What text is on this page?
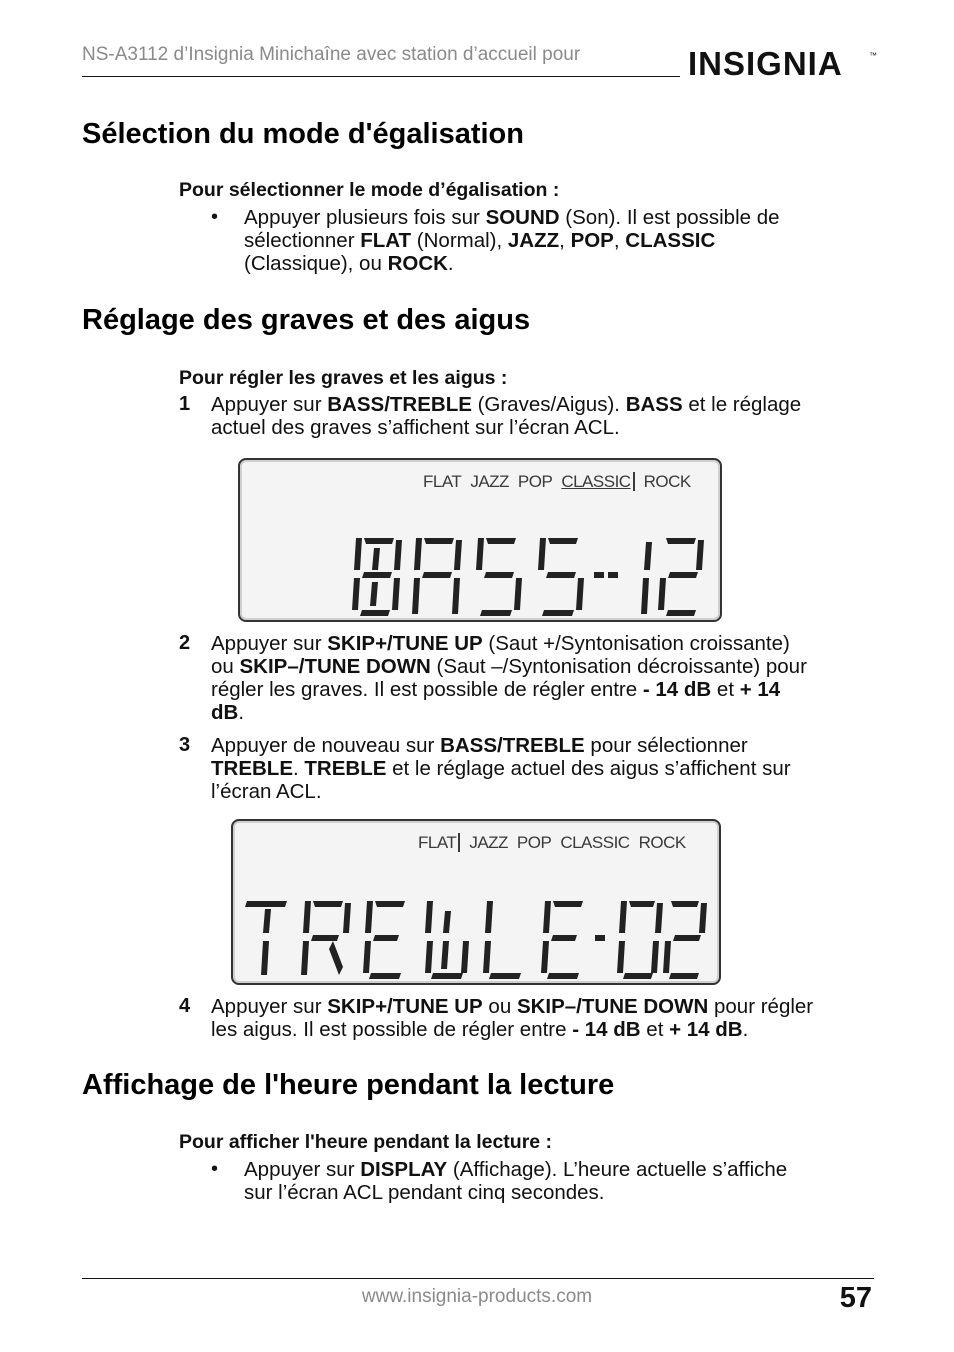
NS-A3112 d’Insignia Minichaîne avec station d’accueil pour	INSIGNIA	™
Sélection du mode d'égalisation
Pour sélectionner le mode d’égalisation :
• Appuyer plusieurs fois sur SOUND (Son). Il est possible de
sélectionner FLAT (Normal), JAZZ, POP, CLASSIC
(Classique), ou ROCK.
Réglage des graves et des aigus
Pour régler les graves et les aigus :
1 Appuyer sur BASS/TREBLE (Graves/Aigus). BASS et le réglage
actuel des graves s’affichent sur l’écran ACL.
FLAT JAZZ POP CLASSIC ROCK
2 Appuyer sur SKIP+/TUNE UP (Saut +/Syntonisation croissante)
ou SKIP–/TUNE DOWN (Saut –/Syntonisation décroissante) pour
régler les graves. Il est possible de régler entre - 14 dB et + 14
dB.
3 Appuyer de nouveau sur BASS/TREBLE pour sélectionner
TREBLE. TREBLE et le réglage actuel des aigus s’affichent sur
l’écran ACL.
FLAT JAZZ POP CLASSIC ROCK
4 Appuyer sur SKIP+/TUNE UP ou SKIP–/TUNE DOWN pour régler
les aigus. Il est possible de régler entre - 14 dB et + 14 dB.
Affichage de l'heure pendant la lecture
Pour afficher l'heure pendant la lecture :
• Appuyer sur DISPLAY (Affichage). L’heure actuelle s’affiche
sur l’écran ACL pendant cinq secondes.
www.insignia-products.com	57
